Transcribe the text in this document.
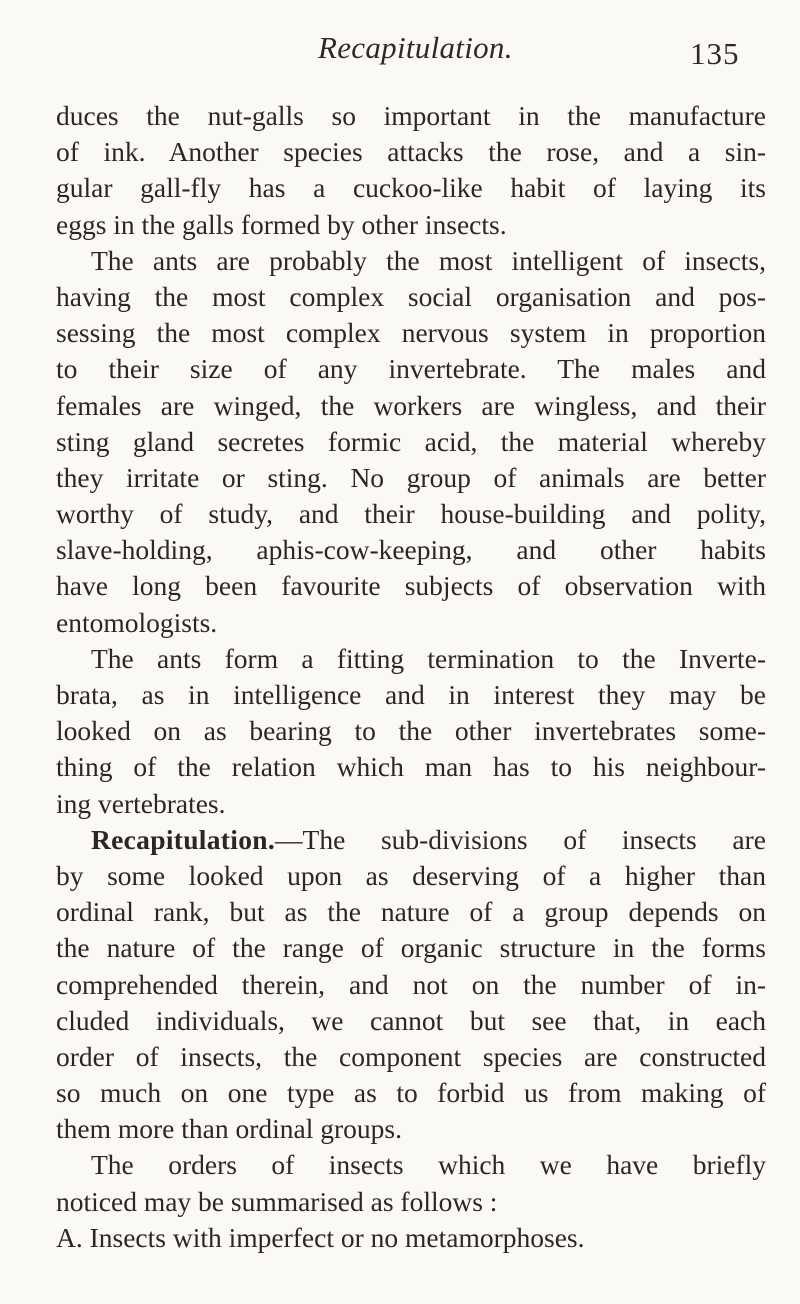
Recapitulation.	135
duces the nut-galls so important in the manufacture
of ink. Another species attacks the rose, and a sin-
gular gall-fly has a cuckoo-like habit of laying its
eggs in the galls formed by other insects.
The ants are probably the most intelligent of insects,
having the most complex social organisation and pos-
sessing the most complex nervous system in proportion
to their size of any invertebrate. The males and
females are winged, the workers are wingless, and their
sting gland secretes formic acid, the material whereby
they irritate or sting. No group of animals are better
worthy of study, and their house-building and polity,
slave-holding, aphis-cow-keeping, and other habits
have long been favourite subjects of observation with
entomologists.
The ants form a fitting termination to the Inverte-
brata, as in intelligence and in interest they may be
looked on as bearing to the other invertebrates some-
thing of the relation which man has to his neighbour-
ing vertebrates.
Recapitulation.—The sub-divisions of insects are
by some looked upon as deserving of a higher than
ordinal rank, but as the nature of a group depends on
the nature of the range of organic structure in the forms
comprehended therein, and not on the number of in-
cluded individuals, we cannot but see that, in each
order of insects, the component species are constructed
so much on one type as to forbid us from making of
them more than ordinal groups.
The orders of insects which we have briefly
noticed may be summarised as follows :
A. Insects with imperfect or no metamorphoses.
